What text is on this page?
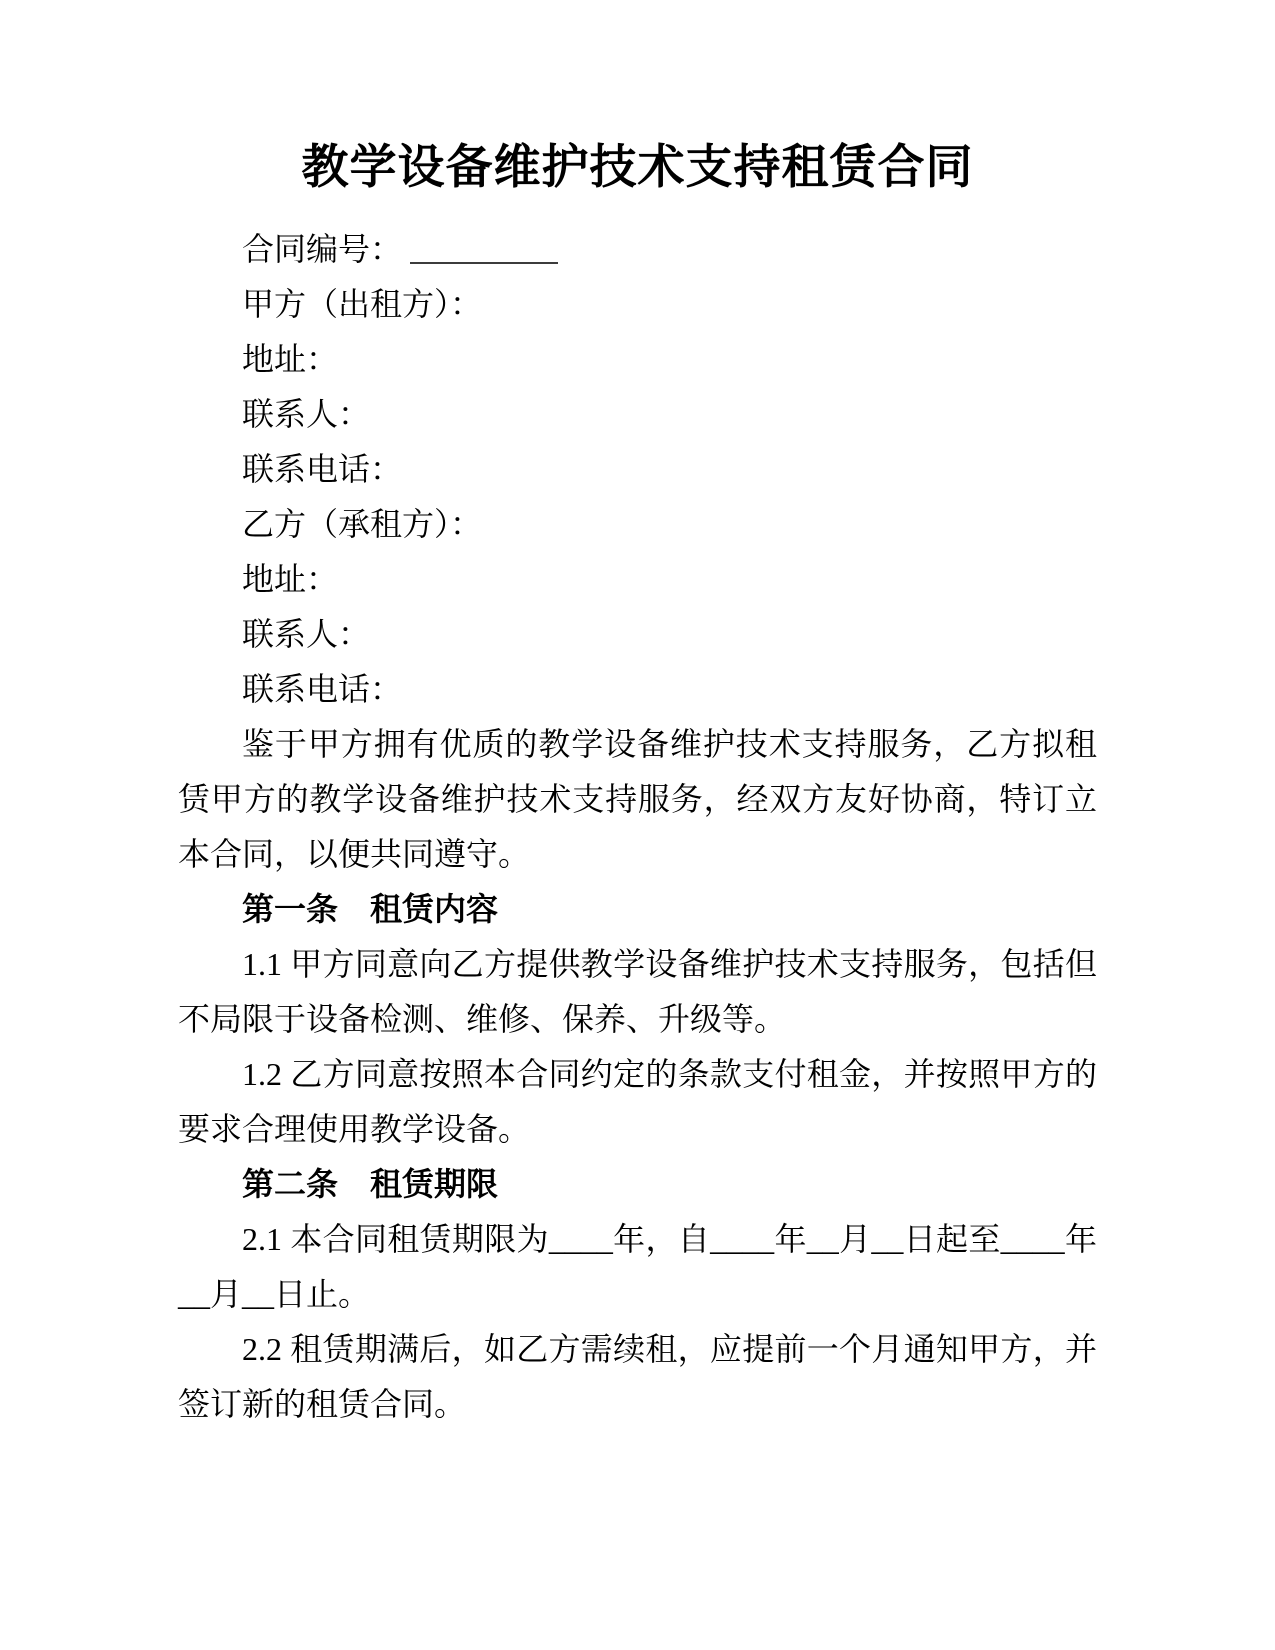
教学设备维护技术支持租赁合同

合同编号：

甲方（出租方）：

地址：

联系人：

联系电话：

乙方（承租方）：

地址：

联系人：

联系电话：

鉴于甲方拥有优质的教学设备维护技术支持服务，乙方拟租赁甲方的教学设备维护技术支持服务，经双方友好协商，特订立本合同，以便共同遵守。

第一条　租赁内容

1.1 甲方同意向乙方提供教学设备维护技术支持服务，包括但不局限于设备检测、维修、保养、升级等。

1.2 乙方同意按照本合同约定的条款支付租金，并按照甲方的要求合理使用教学设备。

第二条　租赁期限

2.1 本合同租赁期限为____年，自____年__月__日起至____年__月__日止。

2.2 租赁期满后，如乙方需续租，应提前一个月通知甲方，并签订新的租赁合同。
